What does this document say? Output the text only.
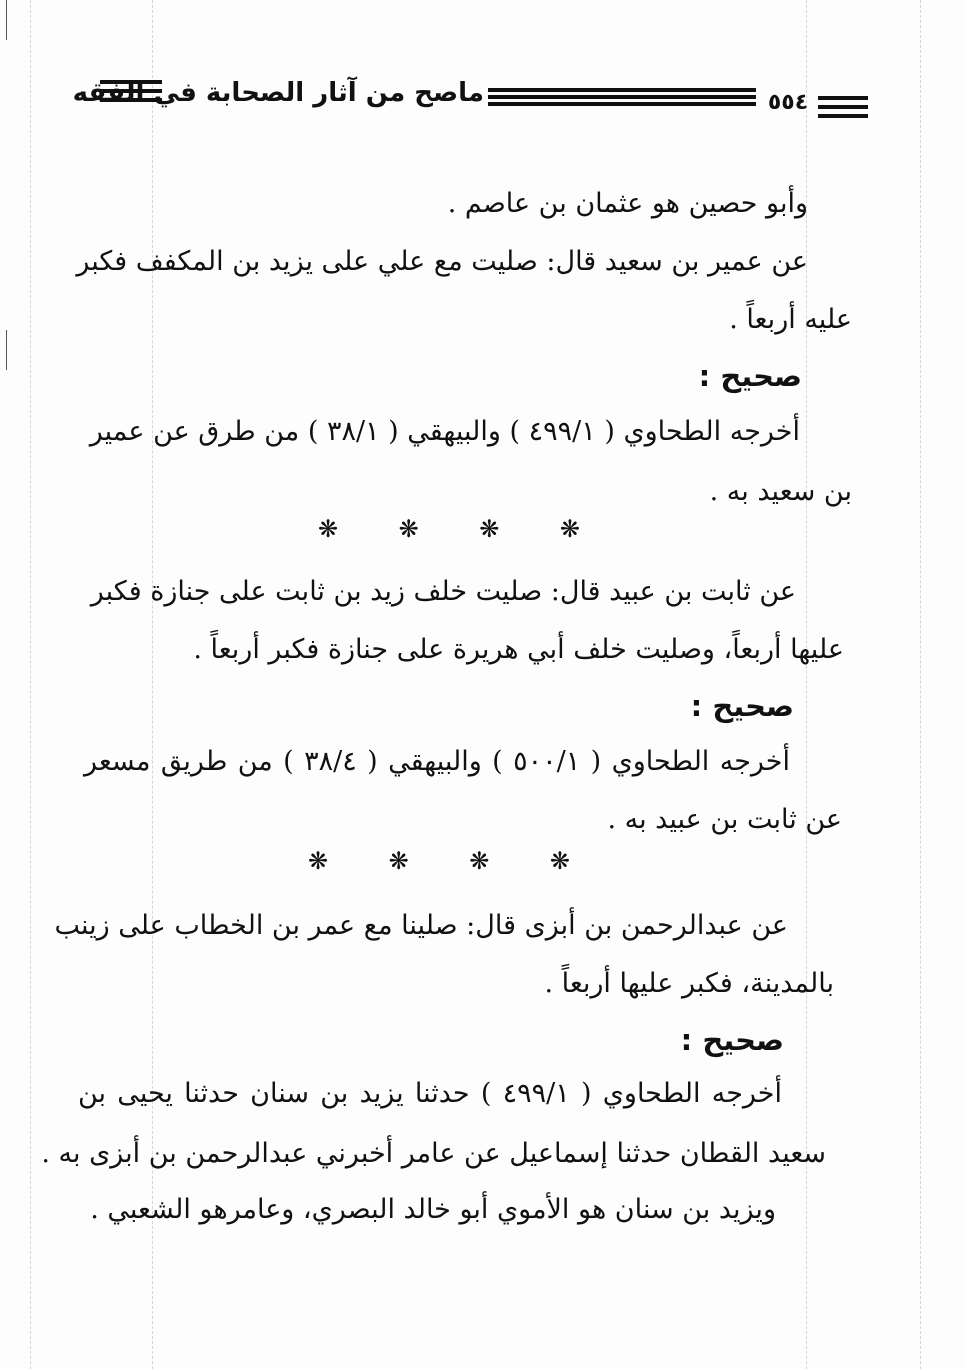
ماصح من آثار الصحابة في الفقه	٥٥٤
وأبو حصين هو عثمان بن عاصم .
عن عمير بن سعيد قال: صليت مع علي على يزيد بن المكفف فكبر
عليه أربعاً .
صحيح :
أخرجه الطحاوي ( ٤٩٩/١ ) والبيهقي ( ٣٨/١ ) من طرق عن عمير
بن سعيد به .
❋	❋	❋	❋
عن ثابت بن عبيد قال: صليت خلف زيد بن ثابت على جنازة فكبر
عليها أربعاً، وصليت خلف أبي هريرة على جنازة فكبر أربعاً .
صحيح :
أخرجه الطحاوي ( ٥٠٠/١ ) والبيهقي ( ٣٨/٤ ) من طريق مسعر
عن ثابت بن عبيد به .
❋	❋	❋	❋
عن عبدالرحمن بن أبزى قال: صلينا مع عمر بن الخطاب على زينب
بالمدينة، فكبر عليها أربعاً .
صحيح :
أخرجه الطحاوي ( ٤٩٩/١ ) حدثنا يزيد بن سنان حدثنا يحيى بن
سعيد القطان حدثنا إسماعيل عن عامر أخبرني عبدالرحمن بن أبزى به .
ويزيد بن سنان هو الأموي أبو خالد البصري، وعامرهو الشعبي .
